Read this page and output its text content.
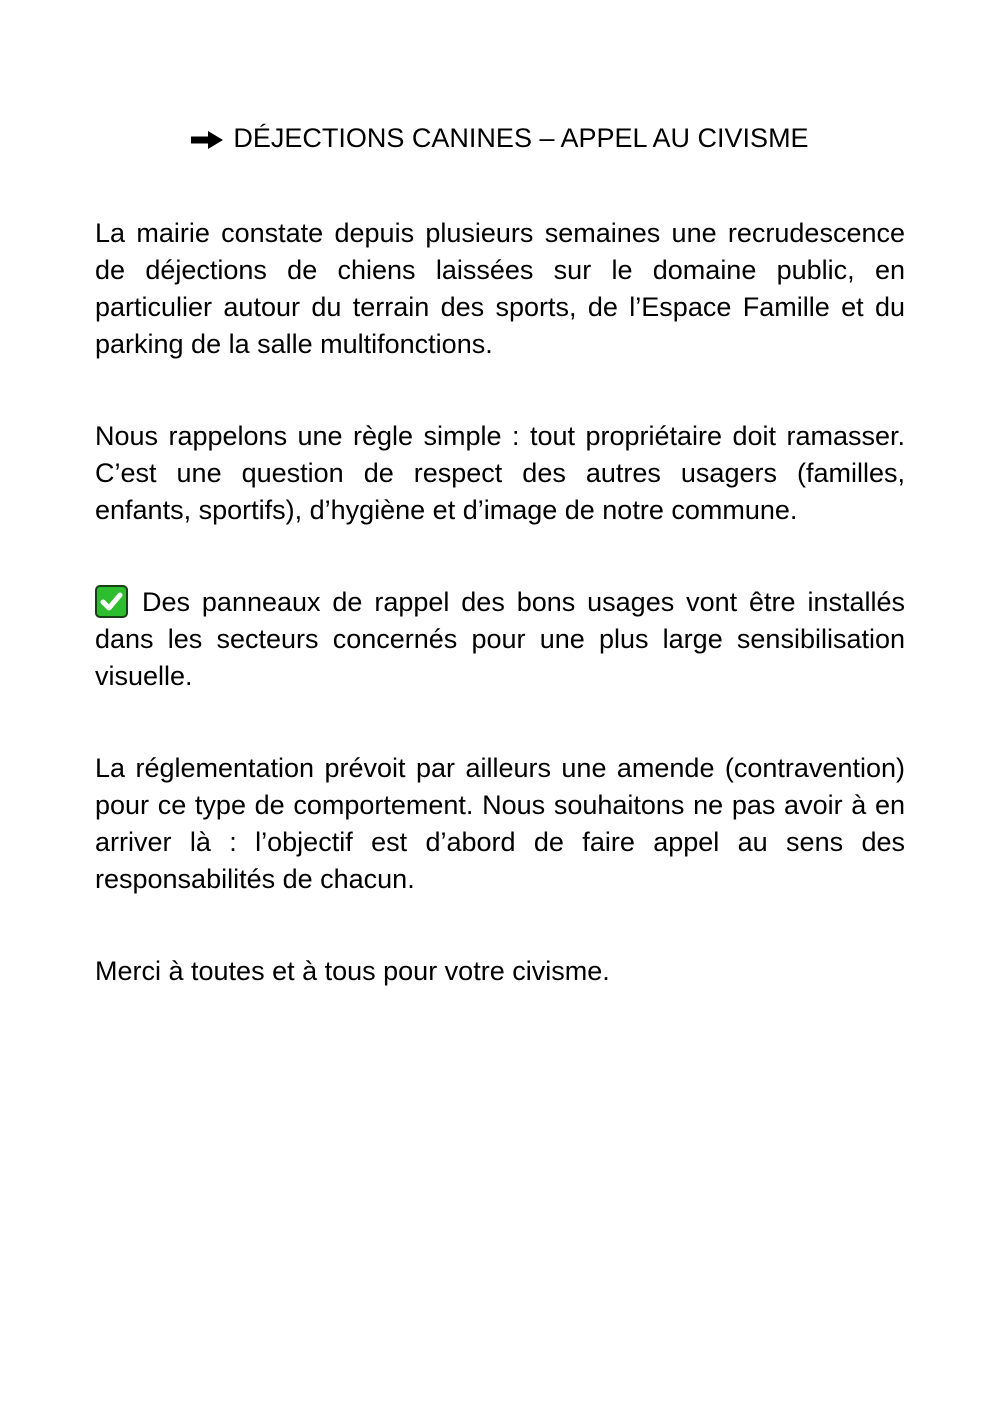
DÉJECTIONS CANINES – APPEL AU CIVISME

La mairie constate depuis plusieurs semaines une recrudescence de déjections de chiens laissées sur le domaine public, en particulier autour du terrain des sports, de l’Espace Famille et du parking de la salle multifonctions.

Nous rappelons une règle simple : tout propriétaire doit ramasser. C’est une question de respect des autres usagers (familles, enfants, sportifs), d’hygiène et d’image de notre commune.

Des panneaux de rappel des bons usages vont être installés dans les secteurs concernés pour une plus large sensibilisation visuelle.

La réglementation prévoit par ailleurs une amende (contravention) pour ce type de comportement. Nous souhaitons ne pas avoir à en arriver là : l’objectif est d’abord de faire appel au sens des responsabilités de chacun.

Merci à toutes et à tous pour votre civisme.
